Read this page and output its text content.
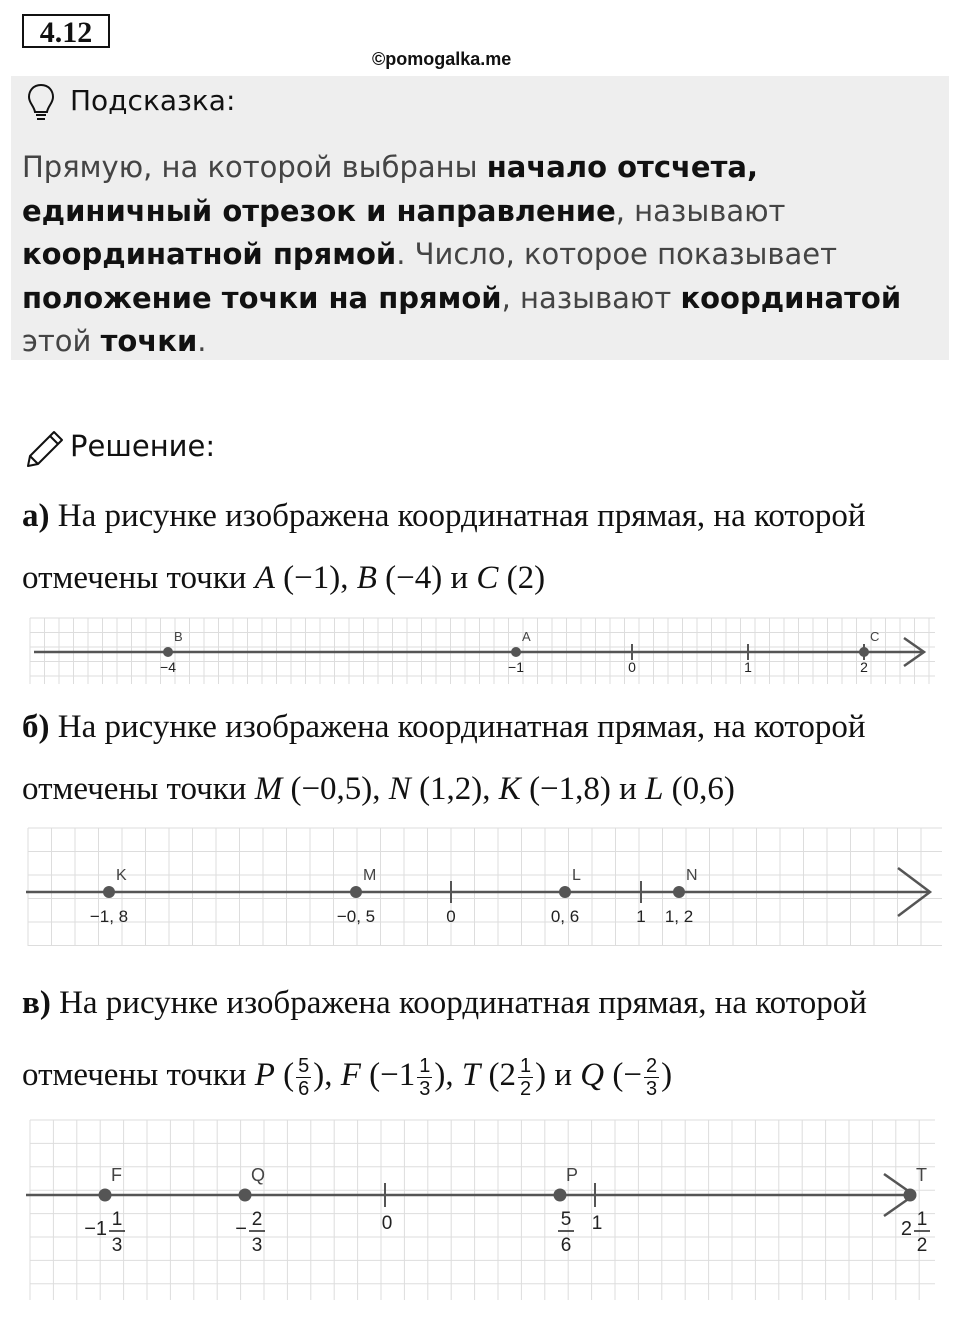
4.12
©pomogalka.me
Подсказка:
Прямую, на которой выбраны начало отсчета, единичный отрезок и направление, называют координатной прямой. Число, которое показывает положение точки на прямой, называют координатой этой точки.
Решение:
а) На рисунке изображена координатная прямая, на которой отмечены точки A (−1), B (−4) и C (2)
−1	0	1	2
−4
B	A	C
б) На рисунке изображена координатная прямая, на которой отмечены точки M (−0,5), N (1,2), K (−1,8) и L (0,6)
0	1
K
−1, 8
M
−0, 5
L
0, 6
N
1, 2
в) На рисунке изображена координатная прямая, на которой отмечены точки P ( $\frac{5}{6}$ ), F ($-1 \frac{1}{3}$ ), T ($2 \frac{1}{2}$ ) и Q (− $\frac{2}{3}$ )
0	1
F
−1 1
3
Q
− 2
3
P
5
6
T
2 1
2
